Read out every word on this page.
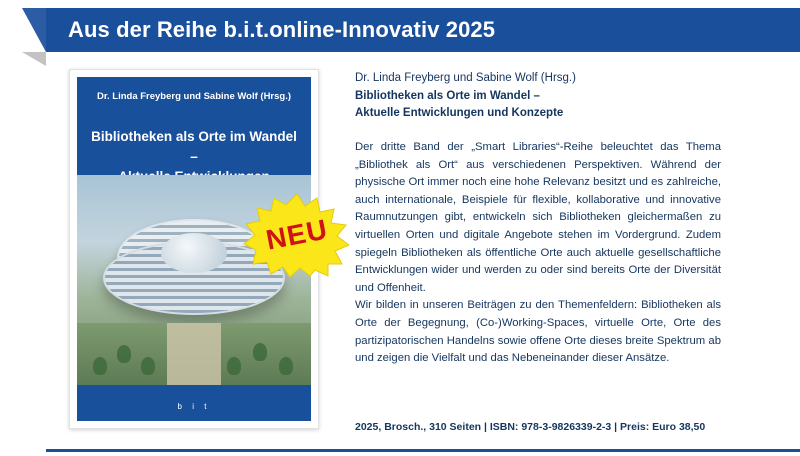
Aus der Reihe b.i.t.online-Innovativ 2025
Dr. Linda Freyberg und Sabine Wolf (Hrsg.)
Bibliotheken als Orte im Wandel –
b i t
NEU

Dr. Linda Freyberg und Sabine Wolf (Hrsg.)

Bibliotheken als Orte im Wandel –

Aktuelle Entwicklungen und Konzepte

Der dritte Band der „Smart Libraries“-Reihe beleuchtet das Thema „Bibliothek als Ort“ aus verschiedenen Perspektiven. Während der physische Ort immer noch eine hohe Relevanz besitzt und es zahlreiche, auch internationale, Beispiele für flexible, kollaborative und innovative Raumnutzungen gibt, entwickeln sich Bibliotheken gleichermaßen zu virtuellen Orten und digitale Angebote stehen im Vordergrund. Zudem spiegeln Bibliotheken als öffentliche Orte auch aktuelle gesellschaftliche Entwicklungen wider und werden zu oder sind bereits Orte der Diversität und Offenheit.

Wir bilden in unseren Beiträgen zu den Themenfeldern: Bibliotheken als Orte der Begegnung, (Co-)Working-Spaces, virtuelle Orte, Orte des partizipatorischen Handelns sowie offene Orte dieses breite Spektrum ab und zeigen die Vielfalt und das Nebeneinander dieser Ansätze.

2025, Brosch., 310 Seiten | ISBN: 978-3-9826339-2-3 | Preis: Euro 38,50
